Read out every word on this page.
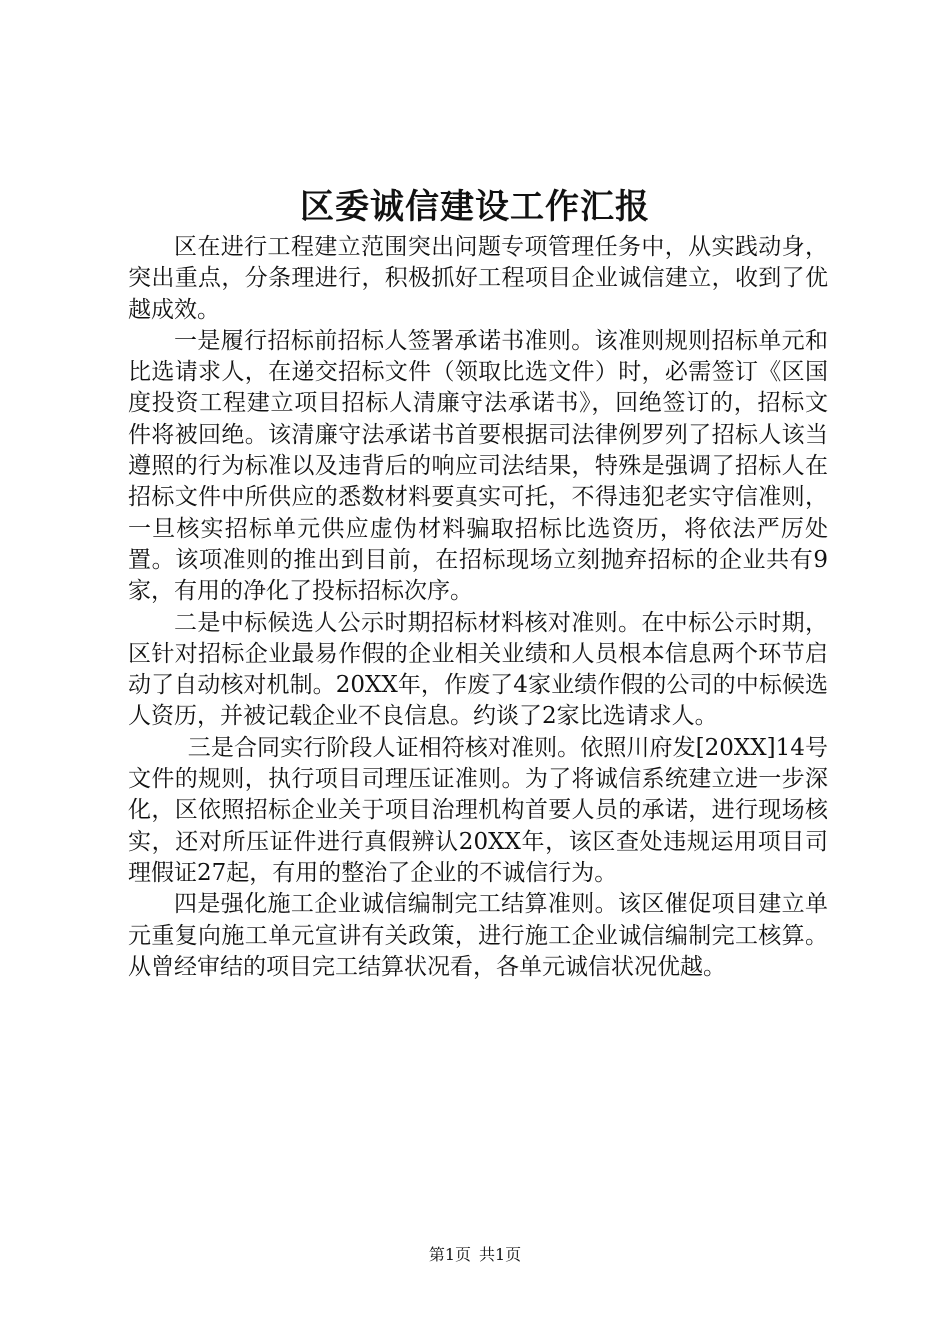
区委诚信建设工作汇报

区在进行工程建立范围突出问题专项管理任务中，从实践动身，突出重点，分条理进行，积极抓好工程项目企业诚信建立，收到了优越成效。

一是履行招标前招标人签署承诺书准则。该准则规则招标单元和比选请求人，在递交招标文件（领取比选文件）时，必需签订《区国度投资工程建立项目招标人清廉守法承诺书》，回绝签订的，招标文件将被回绝。该清廉守法承诺书首要根据司法律例罗列了招标人该当遵照的行为标准以及违背后的响应司法结果，特殊是强调了招标人在招标文件中所供应的悉数材料要真实可托，不得违犯老实守信准则，一旦核实招标单元供应虚伪材料骗取招标比选资历，将依法严厉处置。该项准则的推出到目前，在招标现场立刻抛弃招标的企业共有9家，有用的净化了投标招标次序。

二是中标候选人公示时期招标材料核对准则。在中标公示时期，区针对招标企业最易作假的企业相关业绩和人员根本信息两个环节启动了自动核对机制。20XX年，作废了4家业绩作假的公司的中标候选人资历，并被记载企业不良信息。约谈了2家比选请求人。

三是合同实行阶段人证相符核对准则。依照川府发[20XX]14号文件的规则，执行项目司理压证准则。为了将诚信系统建立进一步深化，区依照招标企业关于项目治理机构首要人员的承诺，进行现场核实，还对所压证件进行真假辨认20XX年，该区查处违规运用项目司理假证27起，有用的整治了企业的不诚信行为。

四是强化施工企业诚信编制完工结算准则。该区催促项目建立单元重复向施工单元宣讲有关政策，进行施工企业诚信编制完工核算。从曾经审结的项目完工结算状况看，各单元诚信状况优越。

第1页 共1页
